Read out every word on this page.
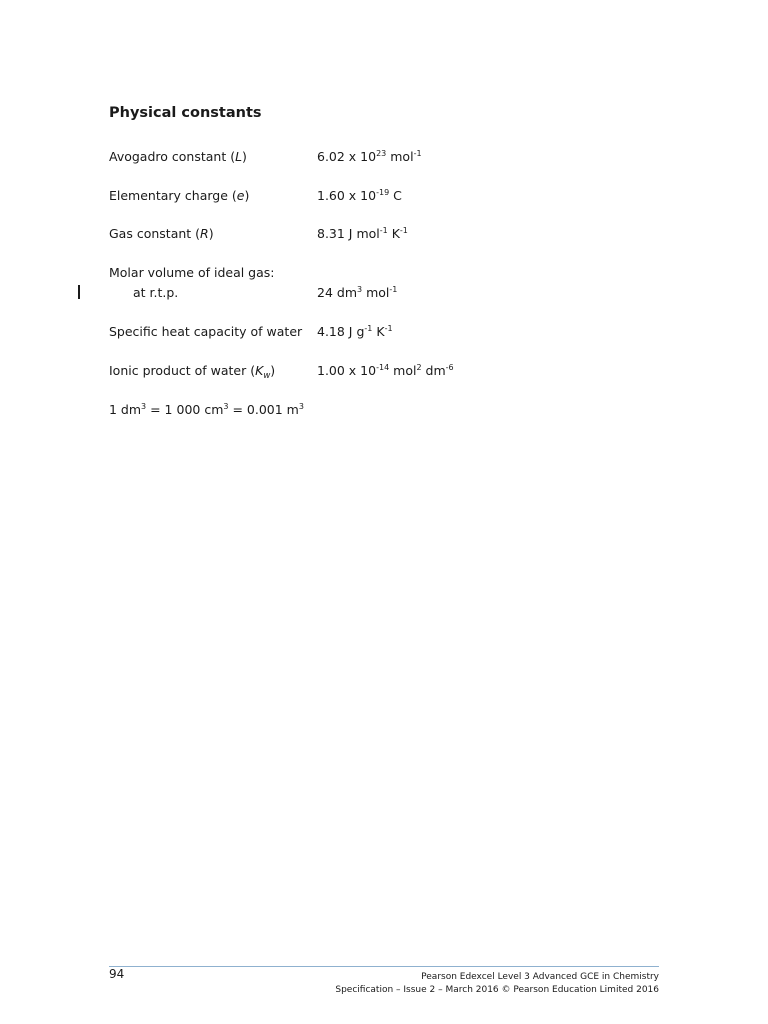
Physical constants
Avogadro constant (L)	6.02 x $10^{23}$ mol$^{-1}$
Elementary charge (e)	1.60 x $10^{-19}$ C
Gas constant (R)	8.31 J mol$^{-1}$ $K^{-1}$
Molar volume of ideal gas:
at r.t.p.	24 $dm^3$ mol$^{-1}$
Specific heat capacity of water 4.18 J $g^{-1}$ $K^{-1}$
Ionic product of water $(K_w)$	1.00 x $10^{-14}$ mol$^2$ $dm^{-6}$
1 $dm^3 = 1$ 000 $cm^3 = 0.001$ $m^3$
94	Pearson Edexcel Level 3 Advanced GCE in Chemistry
Specification – Issue 2 – March 2016 © Pearson Education Limited 2016
